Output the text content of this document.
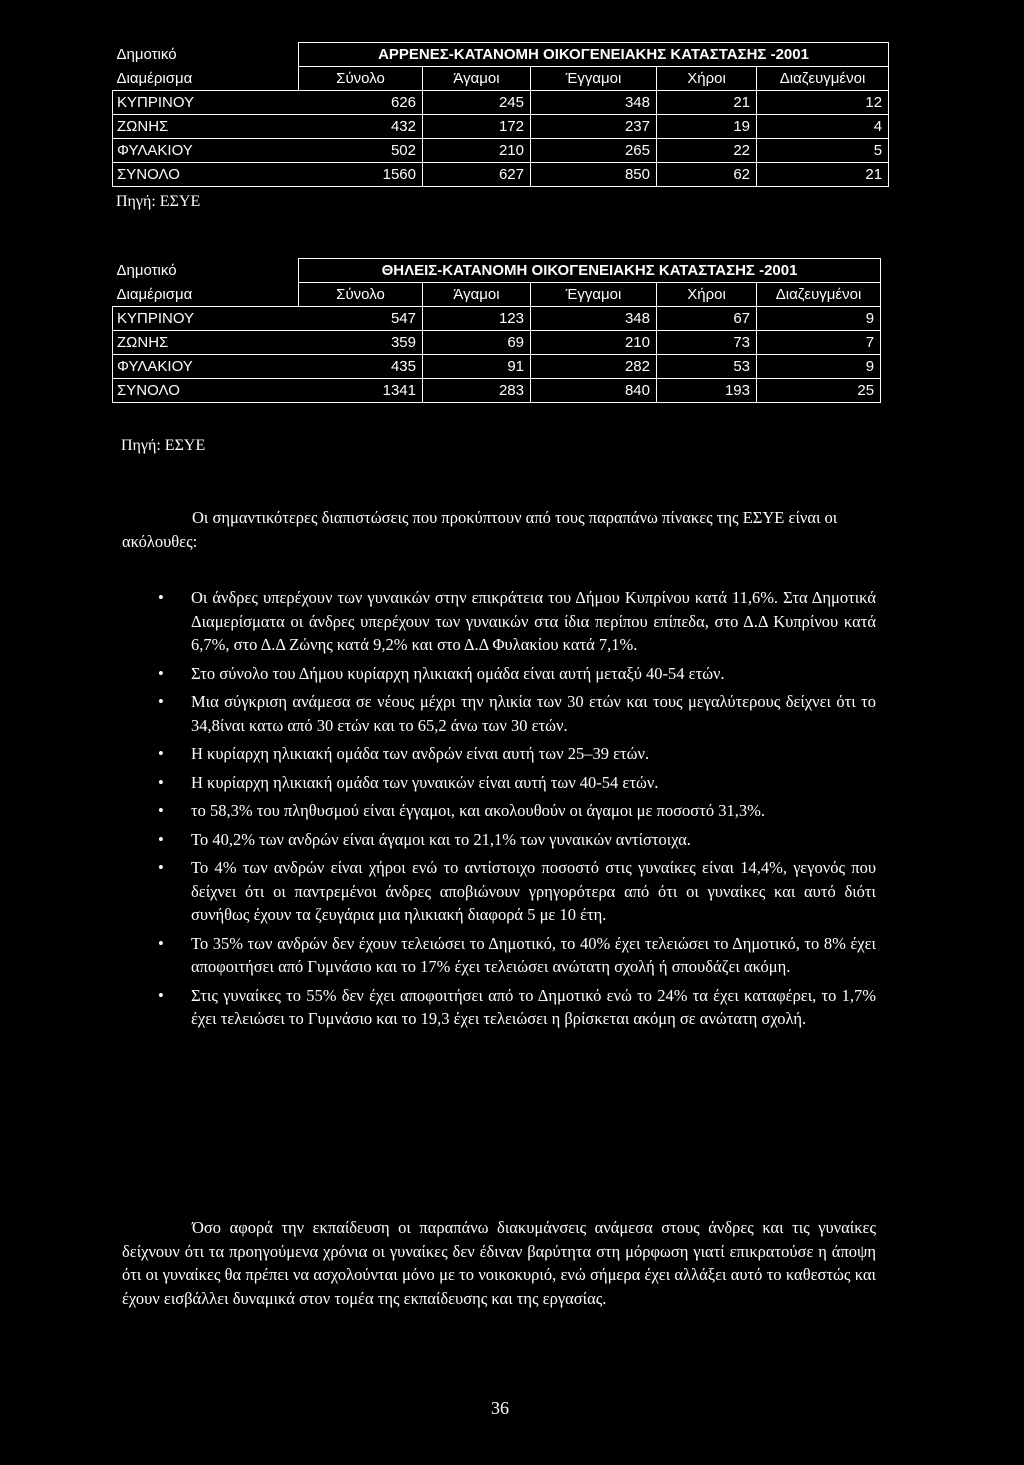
Δημοτικό	ΑΡΡΕΝΕΣ-ΚΑΤΑΝΟΜΗ ΟΙΚΟΓΕΝΕΙΑΚΗΣ ΚΑΤΑΣΤΑΣΗΣ -2001				
Διαμέρισμα	Σύνολο	Άγαμοι	Έγγαμοι	Χήροι	Διαζευγμένοι
ΚΥΠΡΙΝΟΥ	626	245	348	21	12
ΖΩΝΗΣ	432	172	237	19	4
ΦΥΛΑΚΙΟΥ	502	210	265	22	5
ΣΥΝΟΛΟ	1560	627	850	62	21
Πηγή: ΕΣΥΕ
Δημοτικό	ΘΗΛΕΙΣ-ΚΑΤΑΝΟΜΗ ΟΙΚΟΓΕΝΕΙΑΚΗΣ ΚΑΤΑΣΤΑΣΗΣ -2001				
Διαμέρισμα	Σύνολο	Άγαμοι	Έγγαμοι	Χήροι	Διαζευγμένοι
ΚΥΠΡΙΝΟΥ	547	123	348	67	9
ΖΩΝΗΣ	359	69	210	73	7
ΦΥΛΑΚΙΟΥ	435	91	282	53	9
ΣΥΝΟΛΟ	1341	283	840	193	25
Πηγή: ΕΣΥΕ

Οι σημαντικότερες διαπιστώσεις που προκύπτουν από τους παραπάνω πίνακες της ΕΣΥΕ είναι οι ακόλουθες:

• Οι άνδρες υπερέχουν των γυναικών στην επικράτεια του Δήμου Κυπρίνου κατά 11,6%. Στα Δημοτικά Διαμερίσματα οι άνδρες υπερέχουν των γυναικών στα ίδια περίπου επίπεδα, στο Δ.Δ Κυπρίνου κατά 6,7%, στο Δ.Δ Ζώνης κατά 9,2% και στο Δ.Δ Φυλακίου κατά 7,1%.
• Στο σύνολο του Δήμου κυρίαρχη ηλικιακή ομάδα είναι αυτή μεταξύ 40-54 ετών.
• Μια σύγκριση ανάμεσα σε νέους μέχρι την ηλικία των 30 ετών και τους μεγαλύτερους δείχνει ότι το 34,8ίναι κατω από 30 ετών και το 65,2 άνω των 30 ετών.
• Η κυρίαρχη ηλικιακή ομάδα των ανδρών είναι αυτή των 25–39 ετών.
• Η κυρίαρχη ηλικιακή ομάδα των γυναικών είναι αυτή των 40-54 ετών.
• το 58,3% του πληθυσμού είναι έγγαμοι, και ακολουθούν οι άγαμοι με ποσοστό 31,3%.
• Το 40,2% των ανδρών είναι άγαμοι και το 21,1% των γυναικών αντίστοιχα.
• Το 4% των ανδρών είναι χήροι ενώ το αντίστοιχο ποσοστό στις γυναίκες είναι 14,4%, γεγονός που δείχνει ότι οι παντρεμένοι άνδρες αποβιώνουν γρηγορότερα από ότι οι γυναίκες και αυτό διότι συνήθως έχουν τα ζευγάρια μια ηλικιακή διαφορά 5 με 10 έτη.
• Το 35% των ανδρών δεν έχουν τελειώσει το Δημοτικό, το 40% έχει τελειώσει το Δημοτικό, το 8% έχει αποφοιτήσει από Γυμνάσιο και το 17% έχει τελειώσει ανώτατη σχολή ή σπουδάζει ακόμη.
• Στις γυναίκες το 55% δεν έχει αποφοιτήσει από το Δημοτικό ενώ το 24% τα έχει καταφέρει, το 1,7% έχει τελειώσει το Γυμνάσιο και το 19,3 έχει τελειώσει η βρίσκεται ακόμη σε ανώτατη σχολή.

Όσο αφορά την εκπαίδευση οι παραπάνω διακυμάνσεις ανάμεσα στους άνδρες και τις γυναίκες δείχνουν ότι τα προηγούμενα χρόνια οι γυναίκες δεν έδιναν βαρύτητα στη μόρφωση γιατί επικρατούσε η άποψη ότι οι γυναίκες θα πρέπει να ασχολούνται μόνο με το νοικοκυριό, ενώ σήμερα έχει αλλάξει αυτό το καθεστώς και έχουν εισβάλλει δυναμικά στον τομέα της εκπαίδευσης και της εργασίας.

36
